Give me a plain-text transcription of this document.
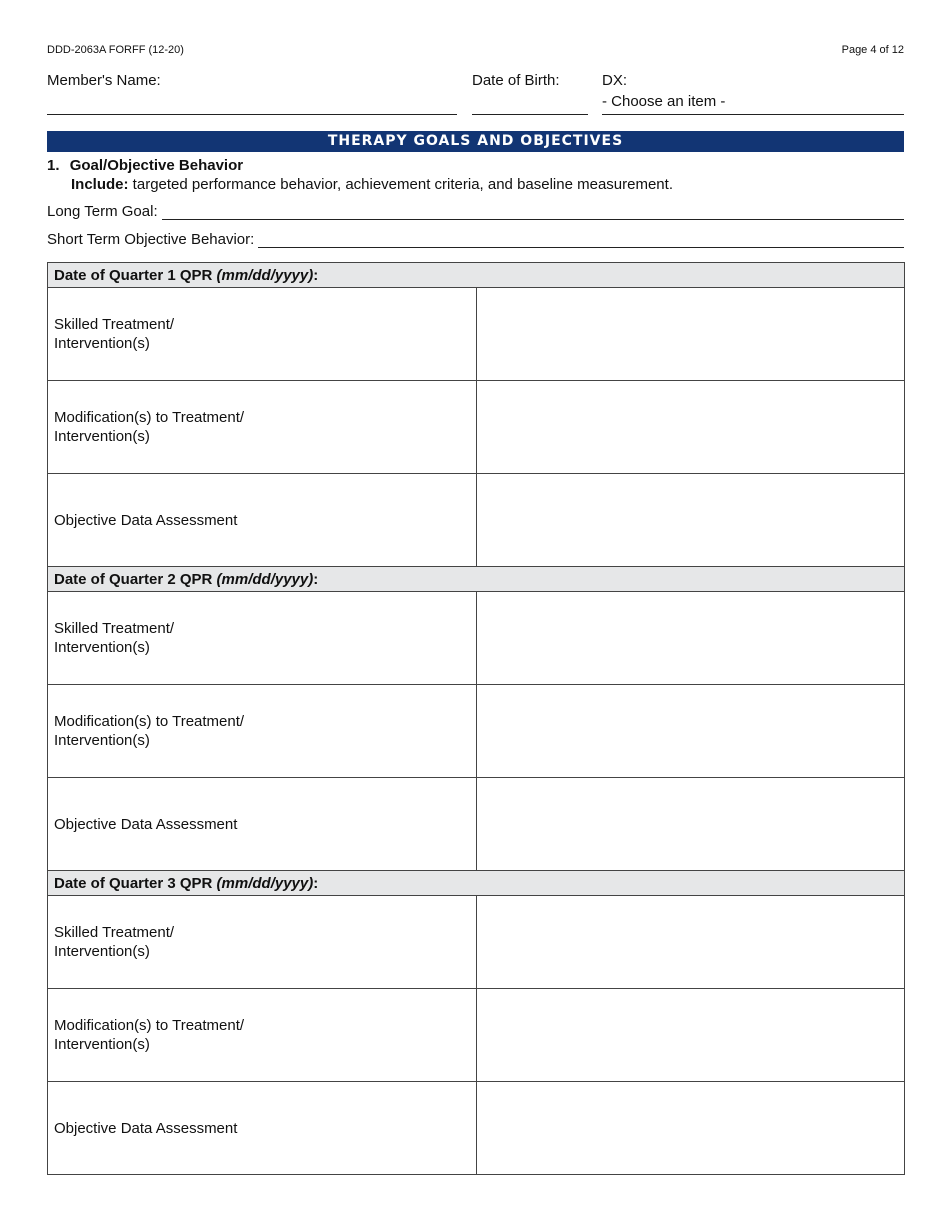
DDD-2063A FORFF (12-20)	Page 4 of 12
Member's Name:	Date of Birth:	DX:
- Choose an item -
THERAPY GOALS AND OBJECTIVES
1. Goal/Objective Behavior
Include: targeted performance behavior, achievement criteria, and baseline measurement.
Long Term Goal:
Short Term Objective Behavior:
Date of Quarter 1 QPR (mm/dd/yyyy):	
Skilled Treatment/
Intervention(s)	
Modification(s) to Treatment/
Intervention(s)	
Objective Data Assessment	
Date of Quarter 2 QPR (mm/dd/yyyy):	
Skilled Treatment/
Intervention(s)	
Modification(s) to Treatment/
Intervention(s)	
Objective Data Assessment	
Date of Quarter 3 QPR (mm/dd/yyyy):	
Skilled Treatment/
Intervention(s)	
Modification(s) to Treatment/
Intervention(s)	
Objective Data Assessment	
